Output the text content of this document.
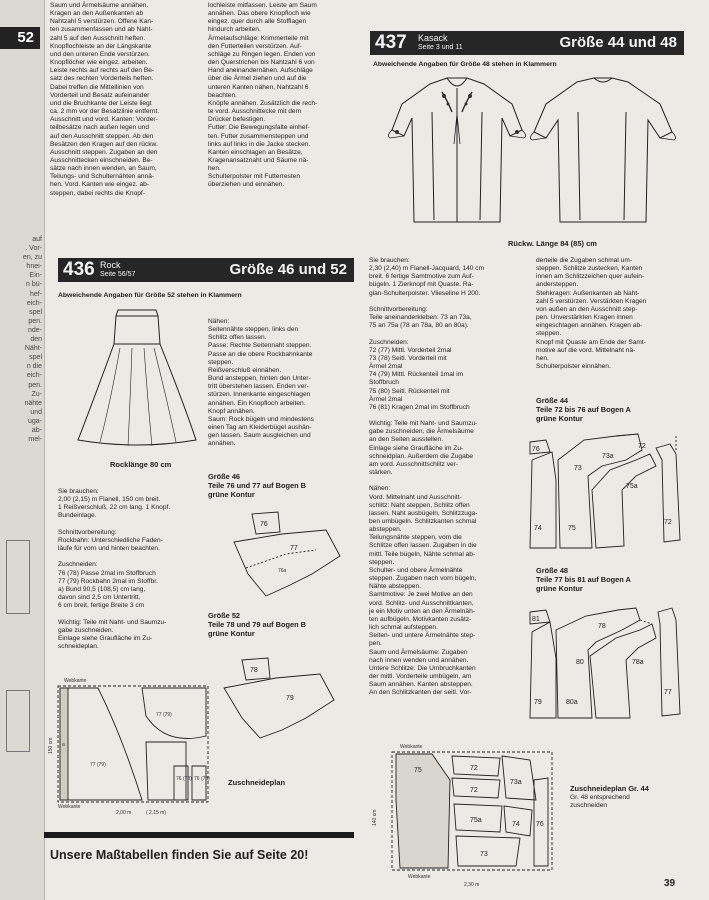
52
auf
. Vor-
en, zu
hnei-
Ein-
n bü-
hef-
eich-
spel
pen.
nde-
den
Näht-
spel
n die
eich-
pen.
Zu-
nähte
und
uga-
ab-
mel-
Saum und Ärmelsäume annähen.
Kragen an den Außenkanten ab
Nahtzahl 5 verstürzen. Offene Kan-
ten zusammenfassen und ab Naht-
zahl 5 auf den Ausschnitt heften.
Knopflochleiste an der Längskante
und den unteren Ende verstürzen.
Knopflöcher wie eingez. arbeiten.
Leiste rechts auf rechts auf den Be-
satz des rechten Vorderteils heften.
Dabei treffen die Mittellinien von
Vorderteil und Besatz aufeinander
und die Bruchkante der Leiste liegt
ca. 2 mm vor der Besatzlinie entfernt.
Ausschnitt und vord. Kanten: Vorder-
teilbesätze nach außen legen und
auf den Ausschnitt steppen. Ab den
Besätzen den Kragen auf den rückw.
Ausschnitt steppen. Zugaben an den
Ausschnittecken einschneiden. Be-
sätze nach innen wenden, an Saum,
Teilungs- und Schulternähten annä-
hen. Vord. Kanten wie eingez. ab-
steppen, dabei rechts die Knopf-
lochleiste mitfassen. Leiste am Saum
annähen. Das obere Knopfloch wie
eingez. quer durch alle Stofflagen
hindurch arbeiten.
Ärmelaufschläge: Krimmerteile mit
den Futterteilen verstürzen. Auf-
schläge zu Ringen legen. Enden von
den Querstrichen bis Nahtzahl 6 von
Hand aneinandernähen. Aufschläge
über die Ärmel ziehen und auf die
unteren Kanten nähen, Nahtzahl 6
beachten.
Knöpfe annähen. Zusätzlich die rech-
te vord. Ausschnittecke mit dem
Drücker befestigen.
Futter: Die Bewegungsfalte einhef-
ten. Futter zusammensteppen und
links auf links in die Jacke stecken.
Kanten einschlagen an Besätze,
Kragenansatznaht und Säume nä-
hen.
Schulterpolster mit Futterresten
überziehen und einnähen.
437 Kasack
Seite 3 und 11	Größe 44 und 48
Abweichende Angaben für Größe 48 stehen in Klammern
Rückw. Länge 84 (85) cm
Sie brauchen:
2,30 (2,40) m Flanell-Jacquard, 140 cm
breit. 6 fertige Samtmotive zum Auf-
bügeln. 1 Zierknopf mit Quaste. Ra-
glan-Schulterpolster. Vlieseline H 200.

Schnittvorbereitung:
Teile aneinanderkleben: 73 an 73a,
75 an 75a (78 an 78a, 80 an 80a).

Zuschneiden:
72 (77) Mittl. Vorderteil 2mal
73 (78) Seitl. Vorderteil mit
Ärmel 2mal
74 (79) Mittl. Rückenteil 1mal im
Stoffbruch
75 (80) Seitl. Rückenteil mit
Ärmel 2mal
76 (81) Kragen 2mal im Stoffbruch

Wichtig: Teile mit Naht- und Saumzu-
gabe zuschneiden, die Ärmelsäume
an den Seiten ausstellen.
Einlage siehe Graufläche im Zu-
schneidplan. Außerdem die Zugabe
am vord. Ausschnittschlitz ver-
stärken.

Nähen:
Vord. Mittelnaht und Ausschnitt-
schlitz: Naht steppen, Schlitz offen
lassen. Naht ausbügeln, Schlitzzuga-
ben umbügeln. Schlitzkanten schmal
absteppen.
Teilungsnähte steppen, vom die
Schlitze offen lassen. Zugaben in die
mittl. Teile bügeln, Nähte schmal ab-
steppen.
Schulter- und obere Ärmelnähte
steppen. Zugaben nach vorn bügeln,
Nähte absteppen.
Samtmotive: Je zwei Motive an den
vord. Schlitz- und Ausschnittkanten,
je ein Motiv unten an den Ärmelnäh-
ten aufbügeln. Motivkanten zusätz-
lich schmal aufsteppen.
Seiten- und untere Ärmelnähte step-
pen.
Saum und Ärmelsäume: Zugaben
nach innen wenden und annähen.
Untere Schlitze: Die Umbruchkanten
der mittl. Vorderteile umbügeln, am
Saum annähen. Kanten absteppen.
An den Schlitzkanten der seitl. Vor-
derteile die Zugaben schmal um-
steppen. Schlitze zustecken, Kanten
innen am Schlitzzeichen quer aufein-
andersteppen.
Stehkragen: Außenkanten ab Naht-
zahl 5 verstürzen. Verstärkten Kragen
von außen an den Ausschnitt step-
pen. Unverstärkten Kragen innen
eingeschlagen annähen. Kragen ab-
steppen.
Knopf mit Quaste am Ende der Samt-
motive auf die vord. Mittelnaht nä-
hen.
Schulterpolster einnähen.
Größe 44
Teile 72 bis 76 auf Bogen A
grüne Kontur
76
73
73a
72
75a
75
74
72
Größe 48
Teile 77 bis 81 auf Bogen A
grüne Kontur
81
78
80	78a
79	80a
77
Webkante
Webkante
2,30 m
140 cm
75	72
72
73a
75a
74
73
76
Zuschneideplan Gr. 44
Gr. 48 entsprechend
zuschneiden
436 Rock
Seite 56/57	Größe 46 und 52
Abweichende Angaben für Größe 52 stehen in Klammern
Rocklänge 80 cm
Sie brauchen:
2,00 (2,15) m Flanell, 150 cm breit.
1 Reißverschluß, 22 cm lang. 1 Knopf.
Bundeinlage.

Schnittvorbereitung:
Rockbahn: Unterschiedliche Faden-
läufe für vorn und hinten beachten.

Zuschneiden:
76 (78) Passe 2mal im Stoffbruch
77 (79) Rockbahn 2mal im Stoffbr.
a) Bund 90,5 (108,5) cm lang,
davon sind 2,5 cm Untertritt,
6 cm breit, fertige Breite 3 cm

Wichtig: Teile mit Naht- und Saumzu-
gabe zuschneiden.
Einlage siehe Graufläche im Zu-
schneideplan.
Nähen:
Seitennähte steppen, links den
Schlitz offen lassen.
Passe: Rechte Seitennaht steppen.
Passe an die obere Rockbahnkante
steppen.
Reißverschluß einnähen.
Bund ansteppen, hinten den Unter-
tritt überstehen lassen. Enden ver-
stürzen. Innenkante eingeschlagen
annähen. Ein Knopfloch arbeiten.
Knopf annähen.
Saum: Rock bügeln und mindestens
einen Tag am Kleiderbügel aushän-
gen lassen. Saum ausgleichen und
annähen.
Größe 46
Teile 76 und 77 auf Bogen B
grüne Kontur
76
77
76a
Größe 52
Teile 78 und 79 auf Bogen B
grüne Kontur
78
79
Webkante
Webkante
2,00 m	( 2,15 m)
150 cm
77 (79)
77 (79)
76 (78) 76 (78)
a
Zuschneideplan
Unsere Maßtabellen finden Sie auf Seite 20!
39
